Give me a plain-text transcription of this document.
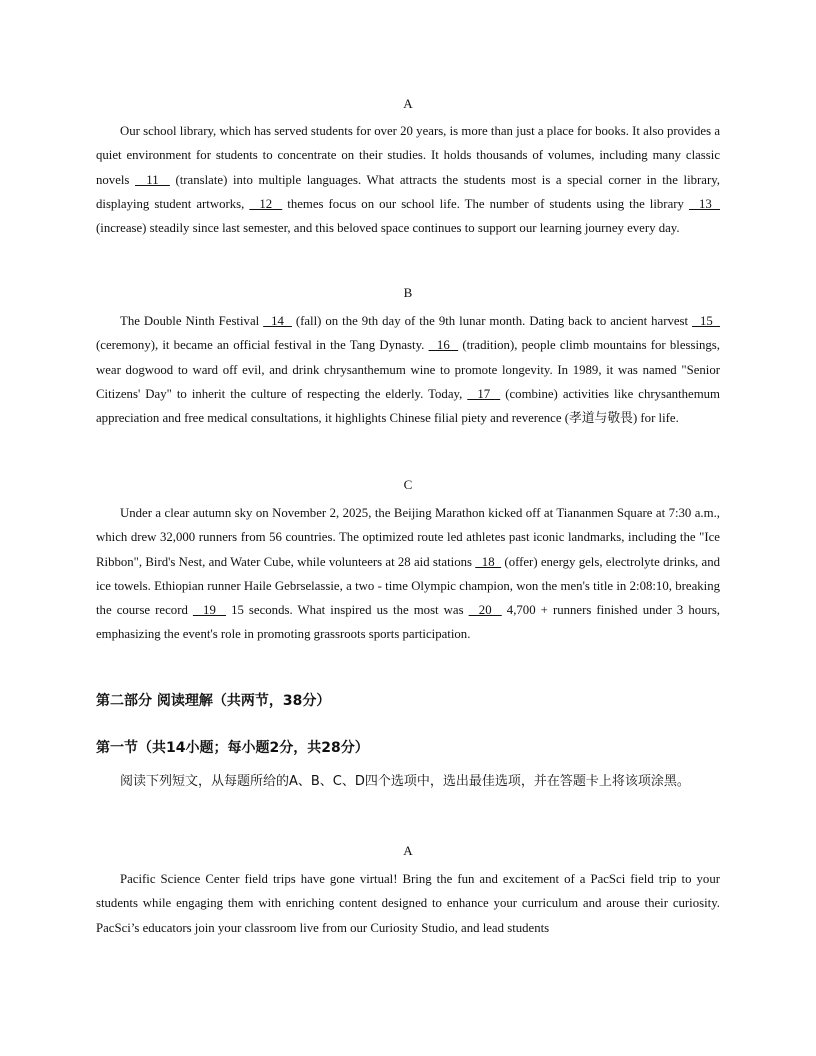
A

Our school library, which has served students for over 20 years, is more than just a place for books. It also provides a quiet environment for students to concentrate on their studies. It holds thousands of volumes, including many classic novels   11   (translate) into multiple languages. What attracts the students most is a special corner in the library, displaying student artworks,   12   themes focus on our school life. The number of students using the library   13   (increase) steadily since last semester, and this beloved space continues to support our learning journey every day.

B

The Double Ninth Festival   14   (fall) on the 9th day of the 9th lunar month. Dating back to ancient harvest   15   (ceremony), it became an official festival in the Tang Dynasty.   16   (tradition), people climb mountains for blessings, wear dogwood to ward off evil, and drink chrysanthemum wine to promote longevity. In 1989, it was named "Senior Citizens' Day" to inherit the culture of respecting the elderly. Today,   17   (combine) activities like chrysanthemum appreciation and free medical consultations, it highlights Chinese filial piety and reverence (孝道与敬畏) for life.

C

Under a clear autumn sky on November 2, 2025, the Beijing Marathon kicked off at Tiananmen Square at 7:30 a.m., which drew 32,000 runners from 56 countries. The optimized route led athletes past iconic landmarks, including the "Ice Ribbon", Bird's Nest, and Water Cube, while volunteers at 28 aid stations   18   (offer) energy gels, electrolyte drinks, and ice towels. Ethiopian runner Haile Gebrselassie, a two - time Olympic champion, won the men's title in 2:08:10, breaking the course record   19   15 seconds. What inspired us the most was   20   4,700 + runners finished under 3 hours, emphasizing the event's role in promoting grassroots sports participation.

第二部分 阅读理解（共两节，38分）
第一节（共14小题；每小题2分，共28分）
阅读下列短文，从每题所给的A、B、C、D四个选项中，选出最佳选项，并在答题卡上将该项涂黑。
A

Pacific Science Center field trips have gone virtual! Bring the fun and excitement of a PacSci field trip to your students while engaging them with enriching content designed to enhance your curriculum and arouse their curiosity. PacSci’s educators join your classroom live from our Curiosity Studio, and lead students
